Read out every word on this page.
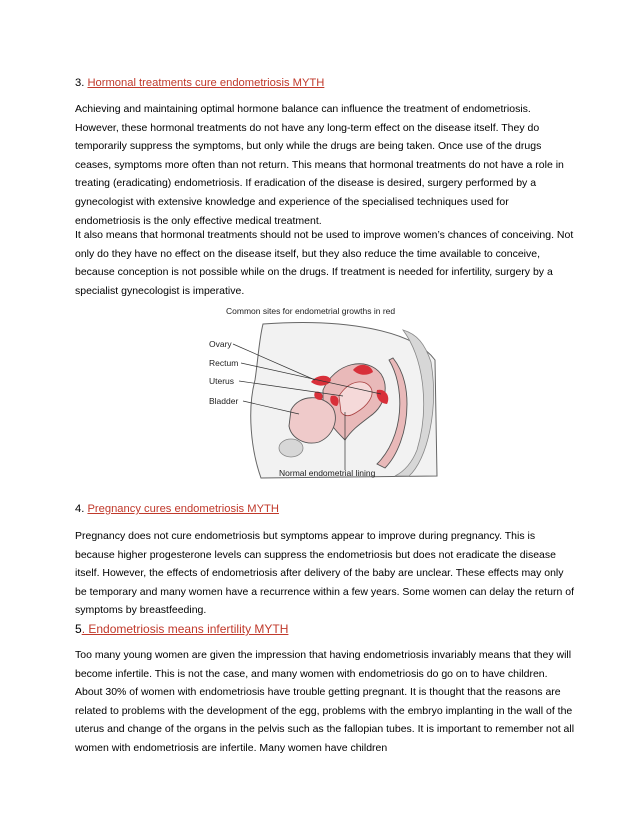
3. Hormonal treatments cure endometriosis MYTH

Achieving and maintaining optimal hormone balance can influence the treatment of endometriosis. However, these hormonal treatments do not have any long-term effect on the disease itself. They do temporarily suppress the symptoms, but only while the drugs are being taken. Once use of the drugs ceases, symptoms more often than not return. This means that hormonal treatments do not have a role in treating (eradicating) endometriosis. If eradication of the disease is desired, surgery performed by a gynecologist with extensive knowledge and experience of the specialised techniques used for endometriosis is the only effective medical treatment.

It also means that hormonal treatments should not be used to improve women’s chances of conceiving. Not only do they have no effect on the disease itself, but they also reduce the time available to conceive, because conception is not possible while on the drugs. If treatment is needed for infertility, surgery by a specialist gynecologist is imperative.

Common sites for endometrial growths in red
Ovary
Rectum
Uterus
Bladder
Normal endometrial lining
4. Pregnancy cures endometriosis MYTH

Pregnancy does not cure endometriosis but symptoms appear to improve during pregnancy. This is because higher progesterone levels can suppress the endometriosis but does not eradicate the disease itself. However, the effects of endometriosis after delivery of the baby are unclear. These effects may only be temporary and many women have a recurrence within a few years. Some women can delay the return of symptoms by breastfeeding.

5. Endometriosis means infertility MYTH

Too many young women are given the impression that having endometriosis invariably means that they will become infertile. This is not the case, and many women with endometriosis do go on to have children. About 30% of women with endometriosis have trouble getting pregnant. It is thought that the reasons are related to problems with the development of the egg, problems with the embryo implanting in the wall of the uterus and change of the organs in the pelvis such as the fallopian tubes. It is important to remember not all women with endometriosis are infertile. Many women have children
